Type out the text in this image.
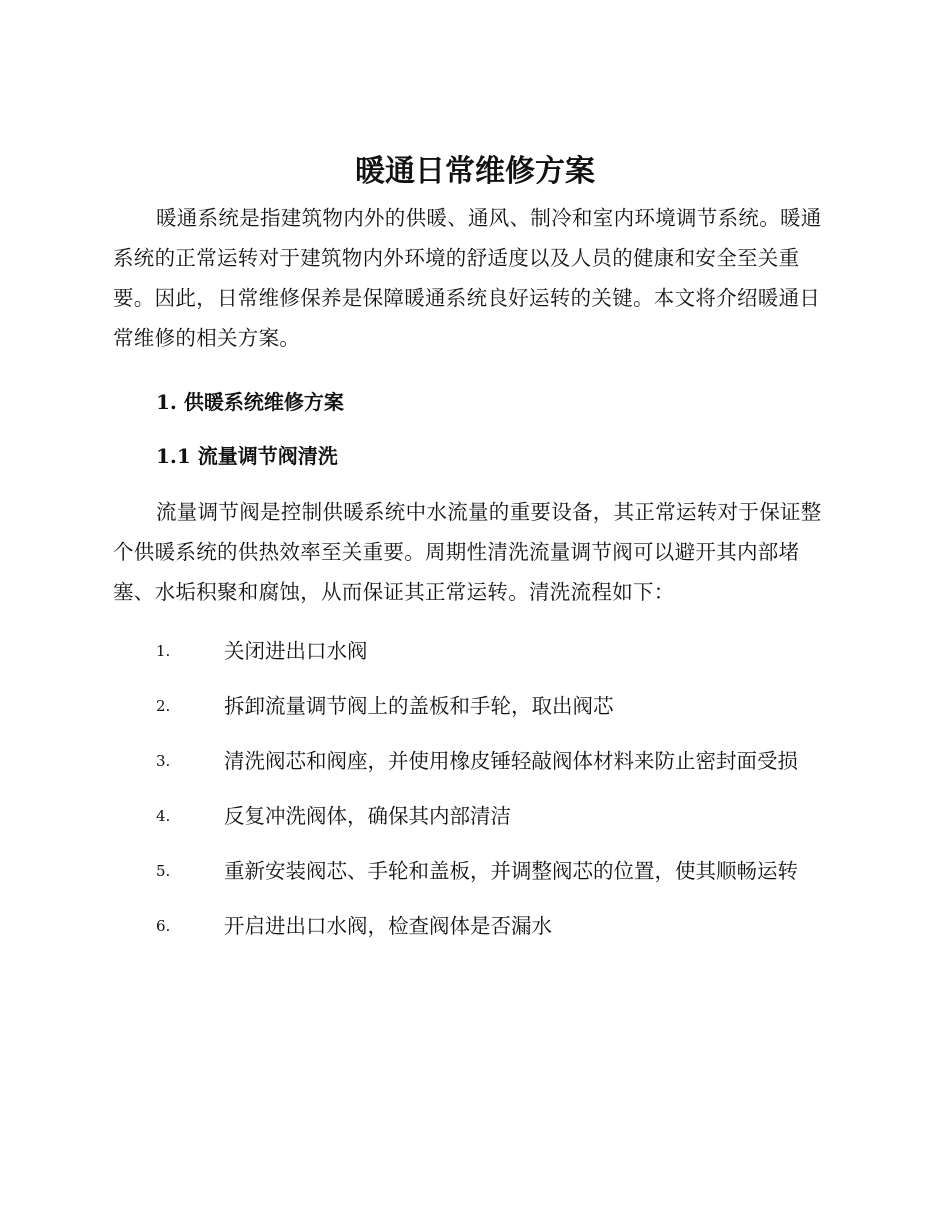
暖通日常维修方案

暖通系统是指建筑物内外的供暖、通风、制冷和室内环境调节系统。暖通系统的正常运转对于建筑物内外环境的舒适度以及人员的健康和安全至关重要。因此，日常维修保养是保障暖通系统良好运转的关键。本文将介绍暖通日常维修的相关方案。

1. 供暖系统维修方案
1.1 流量调节阀清洗

流量调节阀是控制供暖系统中水流量的重要设备，其正常运转对于保证整个供暖系统的供热效率至关重要。周期性清洗流量调节阀可以避开其内部堵塞、水垢积聚和腐蚀，从而保证其正常运转。清洗流程如下：

1.	关闭进出口水阀
2.	拆卸流量调节阀上的盖板和手轮，取出阀芯
3.	清洗阀芯和阀座，并使用橡皮锤轻敲阀体材料来防止密封面受损
4.	反复冲洗阀体，确保其内部清洁
5.	重新安装阀芯、手轮和盖板，并调整阀芯的位置，使其顺畅运转
6.	开启进出口水阀，检查阀体是否漏水
